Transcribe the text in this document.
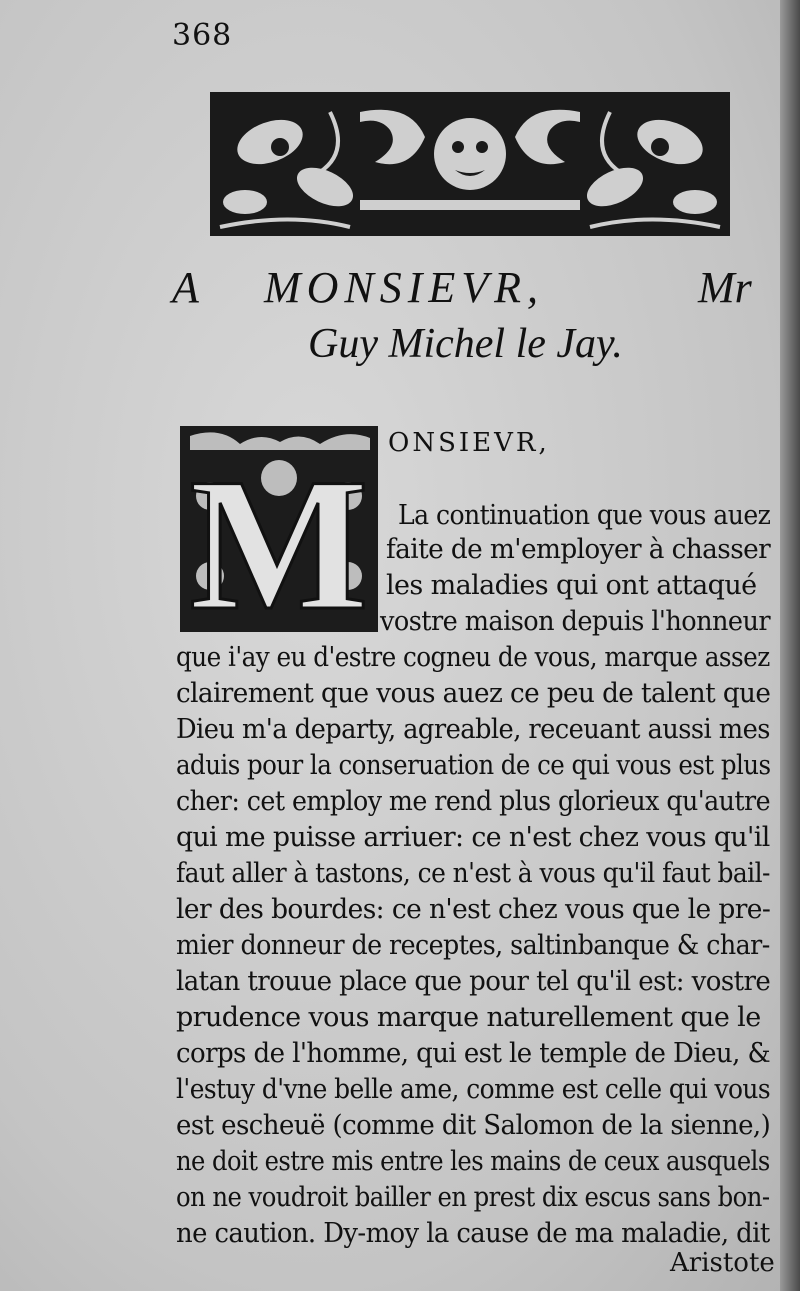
368
A MONSIEVR,	Mr
Guy Michel le Jay.
M ONSIEVR,
La continuation que vous auez
faite de m'employer à chasser
les maladies qui ont attaqué
vostre maison depuis l'honneur
que i'ay eu d'estre cogneu de vous, marque assez
clairement que vous auez ce peu de talent que
Dieu m'a departy, agreable, receuant aussi mes
aduis pour la conseruation de ce qui vous est plus
cher: cet employ me rend plus glorieux qu'autre
qui me puisse arriuer: ce n'est chez vous qu'il
faut aller à tastons, ce n'est à vous qu'il faut bail-
ler des bourdes: ce n'est chez vous que le pre-
mier donneur de receptes, saltinbanque & char-
latan trouue place que pour tel qu'il est: vostre
prudence vous marque naturellement que le
corps de l'homme, qui est le temple de Dieu, &
l'estuy d'vne belle ame, comme est celle qui vous
est escheuë (comme dit Salomon de la sienne,)
ne doit estre mis entre les mains de ceux ausquels
on ne voudroit bailler en prest dix escus sans bon-
ne caution. Dy-moy la cause de ma maladie, dit
Aristote
